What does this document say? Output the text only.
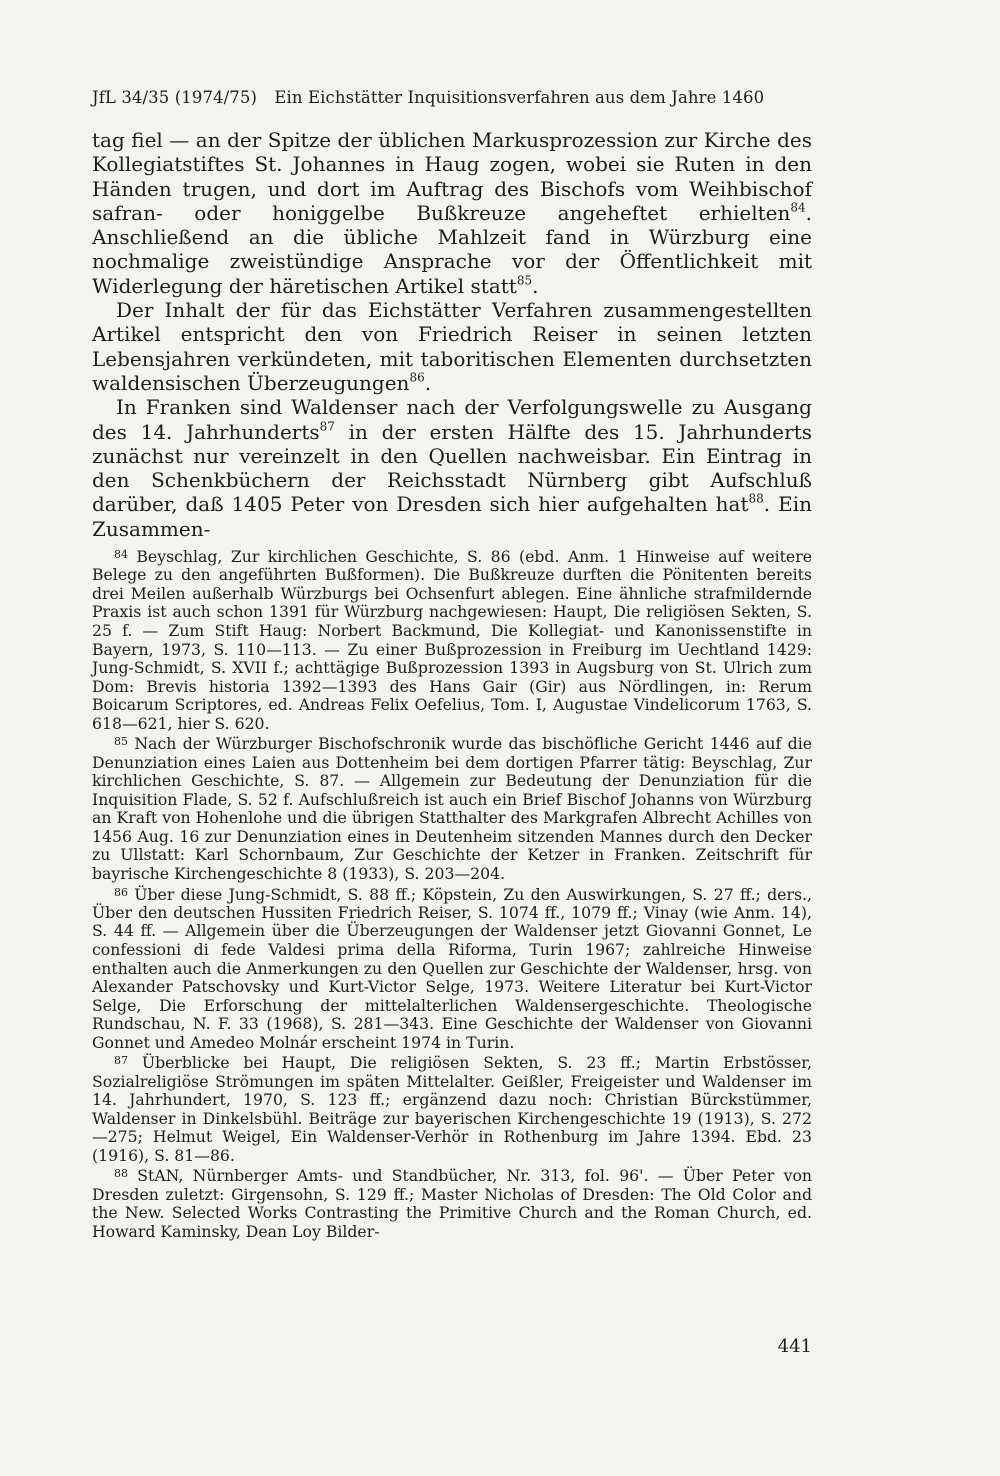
JfL 34/35 (1974/75) Ein Eichstätter Inquisitionsverfahren aus dem Jahre 1460

tag fiel — an der Spitze der üblichen Markusprozession zur Kirche des Kollegiatstiftes St. Johannes in Haug zogen, wobei sie Ruten in den Händen trugen, und dort im Auftrag des Bischofs vom Weihbischof safran- oder honiggelbe Bußkreuze angeheftet erhielten$^{84}$. Anschließend an die übliche Mahlzeit fand in Würzburg eine nochmalige zweistündige Ansprache vor der Öffentlichkeit mit Widerlegung der häretischen Artikel statt$^{85}$.

Der Inhalt der für das Eichstätter Verfahren zusammengestellten Artikel entspricht den von Friedrich Reiser in seinen letzten Lebensjahren verkündeten, mit taboritischen Elementen durchsetzten waldensischen Überzeugungen$^{86}$.

In Franken sind Waldenser nach der Verfolgungswelle zu Ausgang des 14. Jahrhunderts$^{87}$ in der ersten Hälfte des 15. Jahrhunderts zunächst nur vereinzelt in den Quellen nachweisbar. Ein Eintrag in den Schenkbüchern der Reichsstadt Nürnberg gibt Aufschluß darüber, daß 1405 Peter von Dresden sich hier aufgehalten hat$^{88}$. Ein Zusammen-

$^{84}$ Beyschlag, Zur kirchlichen Geschichte, S. 86 (ebd. Anm. 1 Hinweise auf weitere Belege zu den angeführten Bußformen). Die Bußkreuze durften die Pönitenten bereits drei Meilen außerhalb Würzburgs bei Ochsenfurt ablegen. Eine ähnliche strafmildernde Praxis ist auch schon 1391 für Würzburg nachgewiesen: Haupt, Die religiösen Sekten, S. 25 f. — Zum Stift Haug: Norbert Backmund, Die Kollegiat- und Kanonissenstifte in Bayern, 1973, S. 110—113. — Zu einer Bußprozession in Freiburg im Uechtland 1429: Jung-Schmidt, S. XVII f.; achttägige Bußprozession 1393 in Augsburg von St. Ulrich zum Dom: Brevis historia 1392—1393 des Hans Gair (Gir) aus Nördlingen, in: Rerum Boicarum Scriptores, ed. Andreas Felix Oefelius, Tom. I, Augustae Vindelicorum 1763, S. 618—621, hier S. 620.

$^{85}$ Nach der Würzburger Bischofschronik wurde das bischöfliche Gericht 1446 auf die Denunziation eines Laien aus Dottenheim bei dem dortigen Pfarrer tätig: Beyschlag, Zur kirchlichen Geschichte, S. 87. — Allgemein zur Bedeutung der Denunziation für die Inquisition Flade, S. 52 f. Aufschlußreich ist auch ein Brief Bischof Johanns von Würzburg an Kraft von Hohenlohe und die übrigen Statthalter des Markgrafen Albrecht Achilles von 1456 Aug. 16 zur Denunziation eines in Deutenheim sitzenden Mannes durch den Decker zu Ullstatt: Karl Schornbaum, Zur Geschichte der Ketzer in Franken. Zeitschrift für bayrische Kirchengeschichte 8 (1933), S. 203—204.

$^{86}$ Über diese Jung-Schmidt, S. 88 ff.; Köpstein, Zu den Auswirkungen, S. 27 ff.; ders., Über den deutschen Hussiten Friedrich Reiser, S. 1074 ff., 1079 ff.; Vinay (wie Anm. 14), S. 44 ff. — Allgemein über die Überzeugungen der Waldenser jetzt Giovanni Gonnet, Le confessioni di fede Valdesi prima della Riforma, Turin 1967; zahlreiche Hinweise enthalten auch die Anmerkungen zu den Quellen zur Geschichte der Waldenser, hrsg. von Alexander Patschovsky und Kurt-Victor Selge, 1973. Weitere Literatur bei Kurt-Victor Selge, Die Erforschung der mittelalterlichen Waldensergeschichte. Theologische Rundschau, N. F. 33 (1968), S. 281—343. Eine Geschichte der Waldenser von Giovanni Gonnet und Amedeo Molnár erscheint 1974 in Turin.

$^{87}$ Überblicke bei Haupt, Die religiösen Sekten, S. 23 ff.; Martin Erbstösser, Sozialreligiöse Strömungen im späten Mittelalter. Geißler, Freigeister und Waldenser im 14. Jahrhundert, 1970, S. 123 ff.; ergänzend dazu noch: Christian Bürckstümmer, Waldenser in Dinkelsbühl. Beiträge zur bayerischen Kirchengeschichte 19 (1913), S. 272—275; Helmut Weigel, Ein Waldenser-Verhör in Rothenburg im Jahre 1394. Ebd. 23 (1916), S. 81—86.

$^{88}$ StAN, Nürnberger Amts- und Standbücher, Nr. 313, fol. 96'. — Über Peter von Dresden zuletzt: Girgensohn, S. 129 ff.; Master Nicholas of Dresden: The Old Color and the New. Selected Works Contrasting the Primitive Church and the Roman Church, ed. Howard Kaminsky, Dean Loy Bilder-

441
